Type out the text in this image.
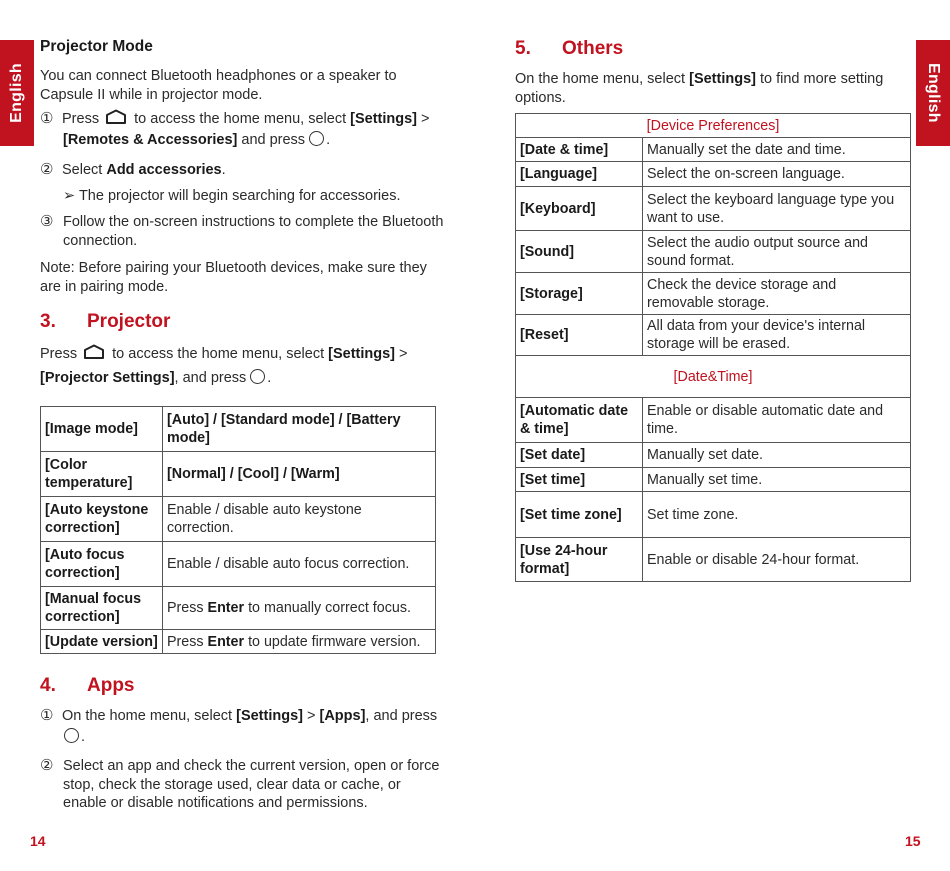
English
Projector Mode
You can connect Bluetooth headphones or a speaker to Capsule II while in projector mode.
① Press to access the home menu, select [Settings] >
[Remotes & Accessories] and press .
② Select Add accessories.
➢ The projector will begin searching for accessories.
③ Follow the on-screen instructions to complete the Bluetooth connection.
Note: Before pairing your Bluetooth devices, make sure they are in pairing mode.
3. Projector
Press to access the home menu, select [Settings] >
[Projector Settings], and press .
[Image mode]	[Auto] / [Standard mode] / [Battery mode]
[Color temperature]	[Normal] / [Cool] / [Warm]
[Auto keystone correction]	Enable / disable auto keystone correction.
[Auto focus correction]	Enable / disable auto focus correction.
[Manual focus correction]	Press Enter to manually correct focus.
[Update version]	Press Enter to update firmware version.
4. Apps
① On the home menu, select [Settings] > [Apps], and press
.
② Select an app and check the current version, open or force stop, check the storage used, clear data or cache, or enable or disable notifications and permissions.
14
English
5. Others
On the home menu, select [Settings] to find more setting options.
[Device Preferences]	
[Date & time]	Manually set the date and time.
[Language]	Select the on-screen language.
[Keyboard]	Select the keyboard language type you want to use.
[Sound]	Select the audio output source and sound format.
[Storage]	Check the device storage and removable storage.
[Reset]	All data from your device's internal storage will be erased.
[Date&Time]	
[Automatic date & time]	Enable or disable automatic date and time.
[Set date]	Manually set date.
[Set time]	Manually set time.
[Set time zone]	Set time zone.
[Use 24-hour format]	Enable or disable 24-hour format.
15
